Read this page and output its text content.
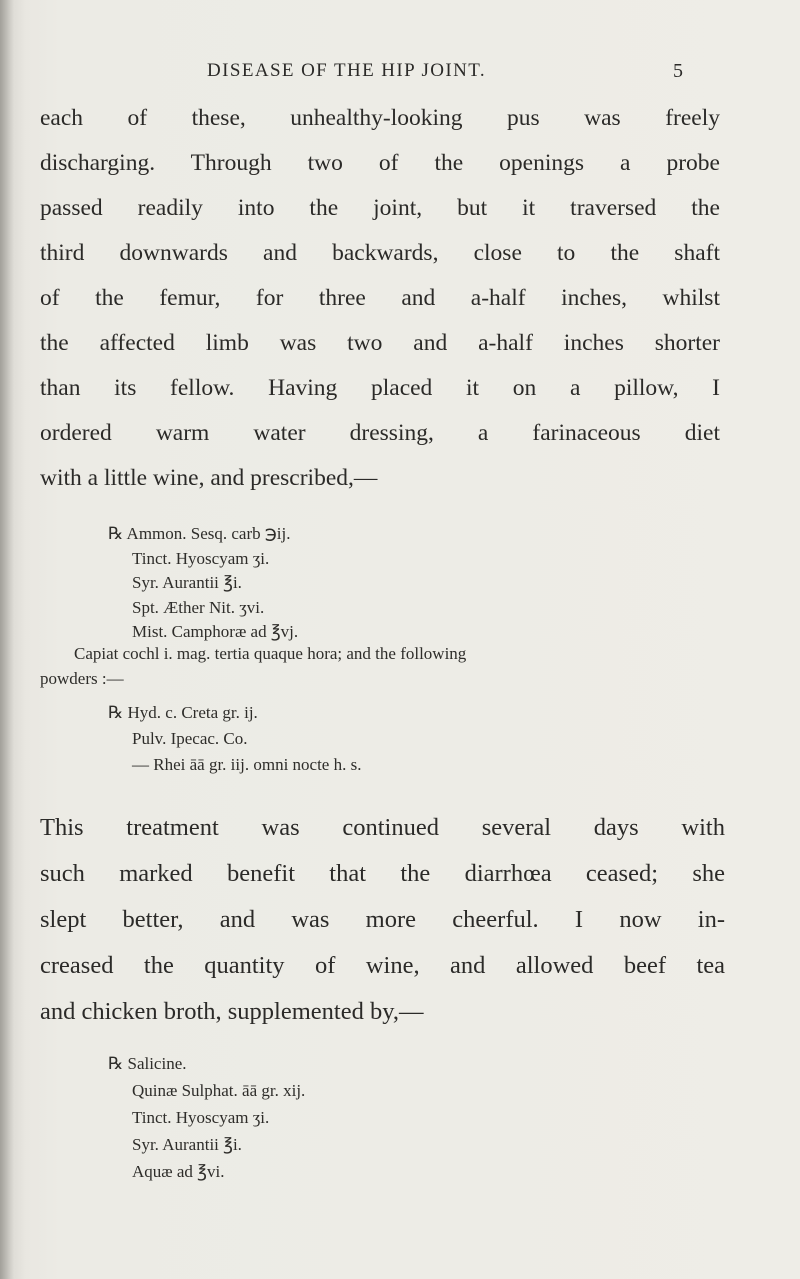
DISEASE OF THE HIP JOINT.	5
each of these, unhealthy-looking pus was freely
discharging. Through two of the openings a probe
passed readily into the joint, but it traversed the
third downwards and backwards, close to the shaft
of the femur, for three and a-half inches, whilst
the affected limb was two and a-half inches shorter
than its fellow. Having placed it on a pillow, I
ordered warm water dressing, a farinaceous diet
with a little wine, and prescribed,—
℞ Ammon. Sesq. carb ℈ij.
Tinct. Hyoscyam ʒi.
Syr. Aurantii ℥i.
Spt. Æther Nit. ʒvi.
Mist. Camphoræ ad ℥vj.
Capiat cochl i. mag. tertia quaque hora; and the following
powders :—
℞ Hyd. c. Creta gr. ij.
Pulv. Ipecac. Co.
— Rhei āā gr. iij. omni nocte h. s.
This treatment was continued several days with
such marked benefit that the diarrhœa ceased; she
slept better, and was more cheerful. I now in-
creased the quantity of wine, and allowed beef tea
and chicken broth, supplemented by,—
℞ Salicine.
Quinæ Sulphat. āā gr. xij.
Tinct. Hyoscyam ʒi.
Syr. Aurantii ℥i.
Aquæ ad ℥vi.
